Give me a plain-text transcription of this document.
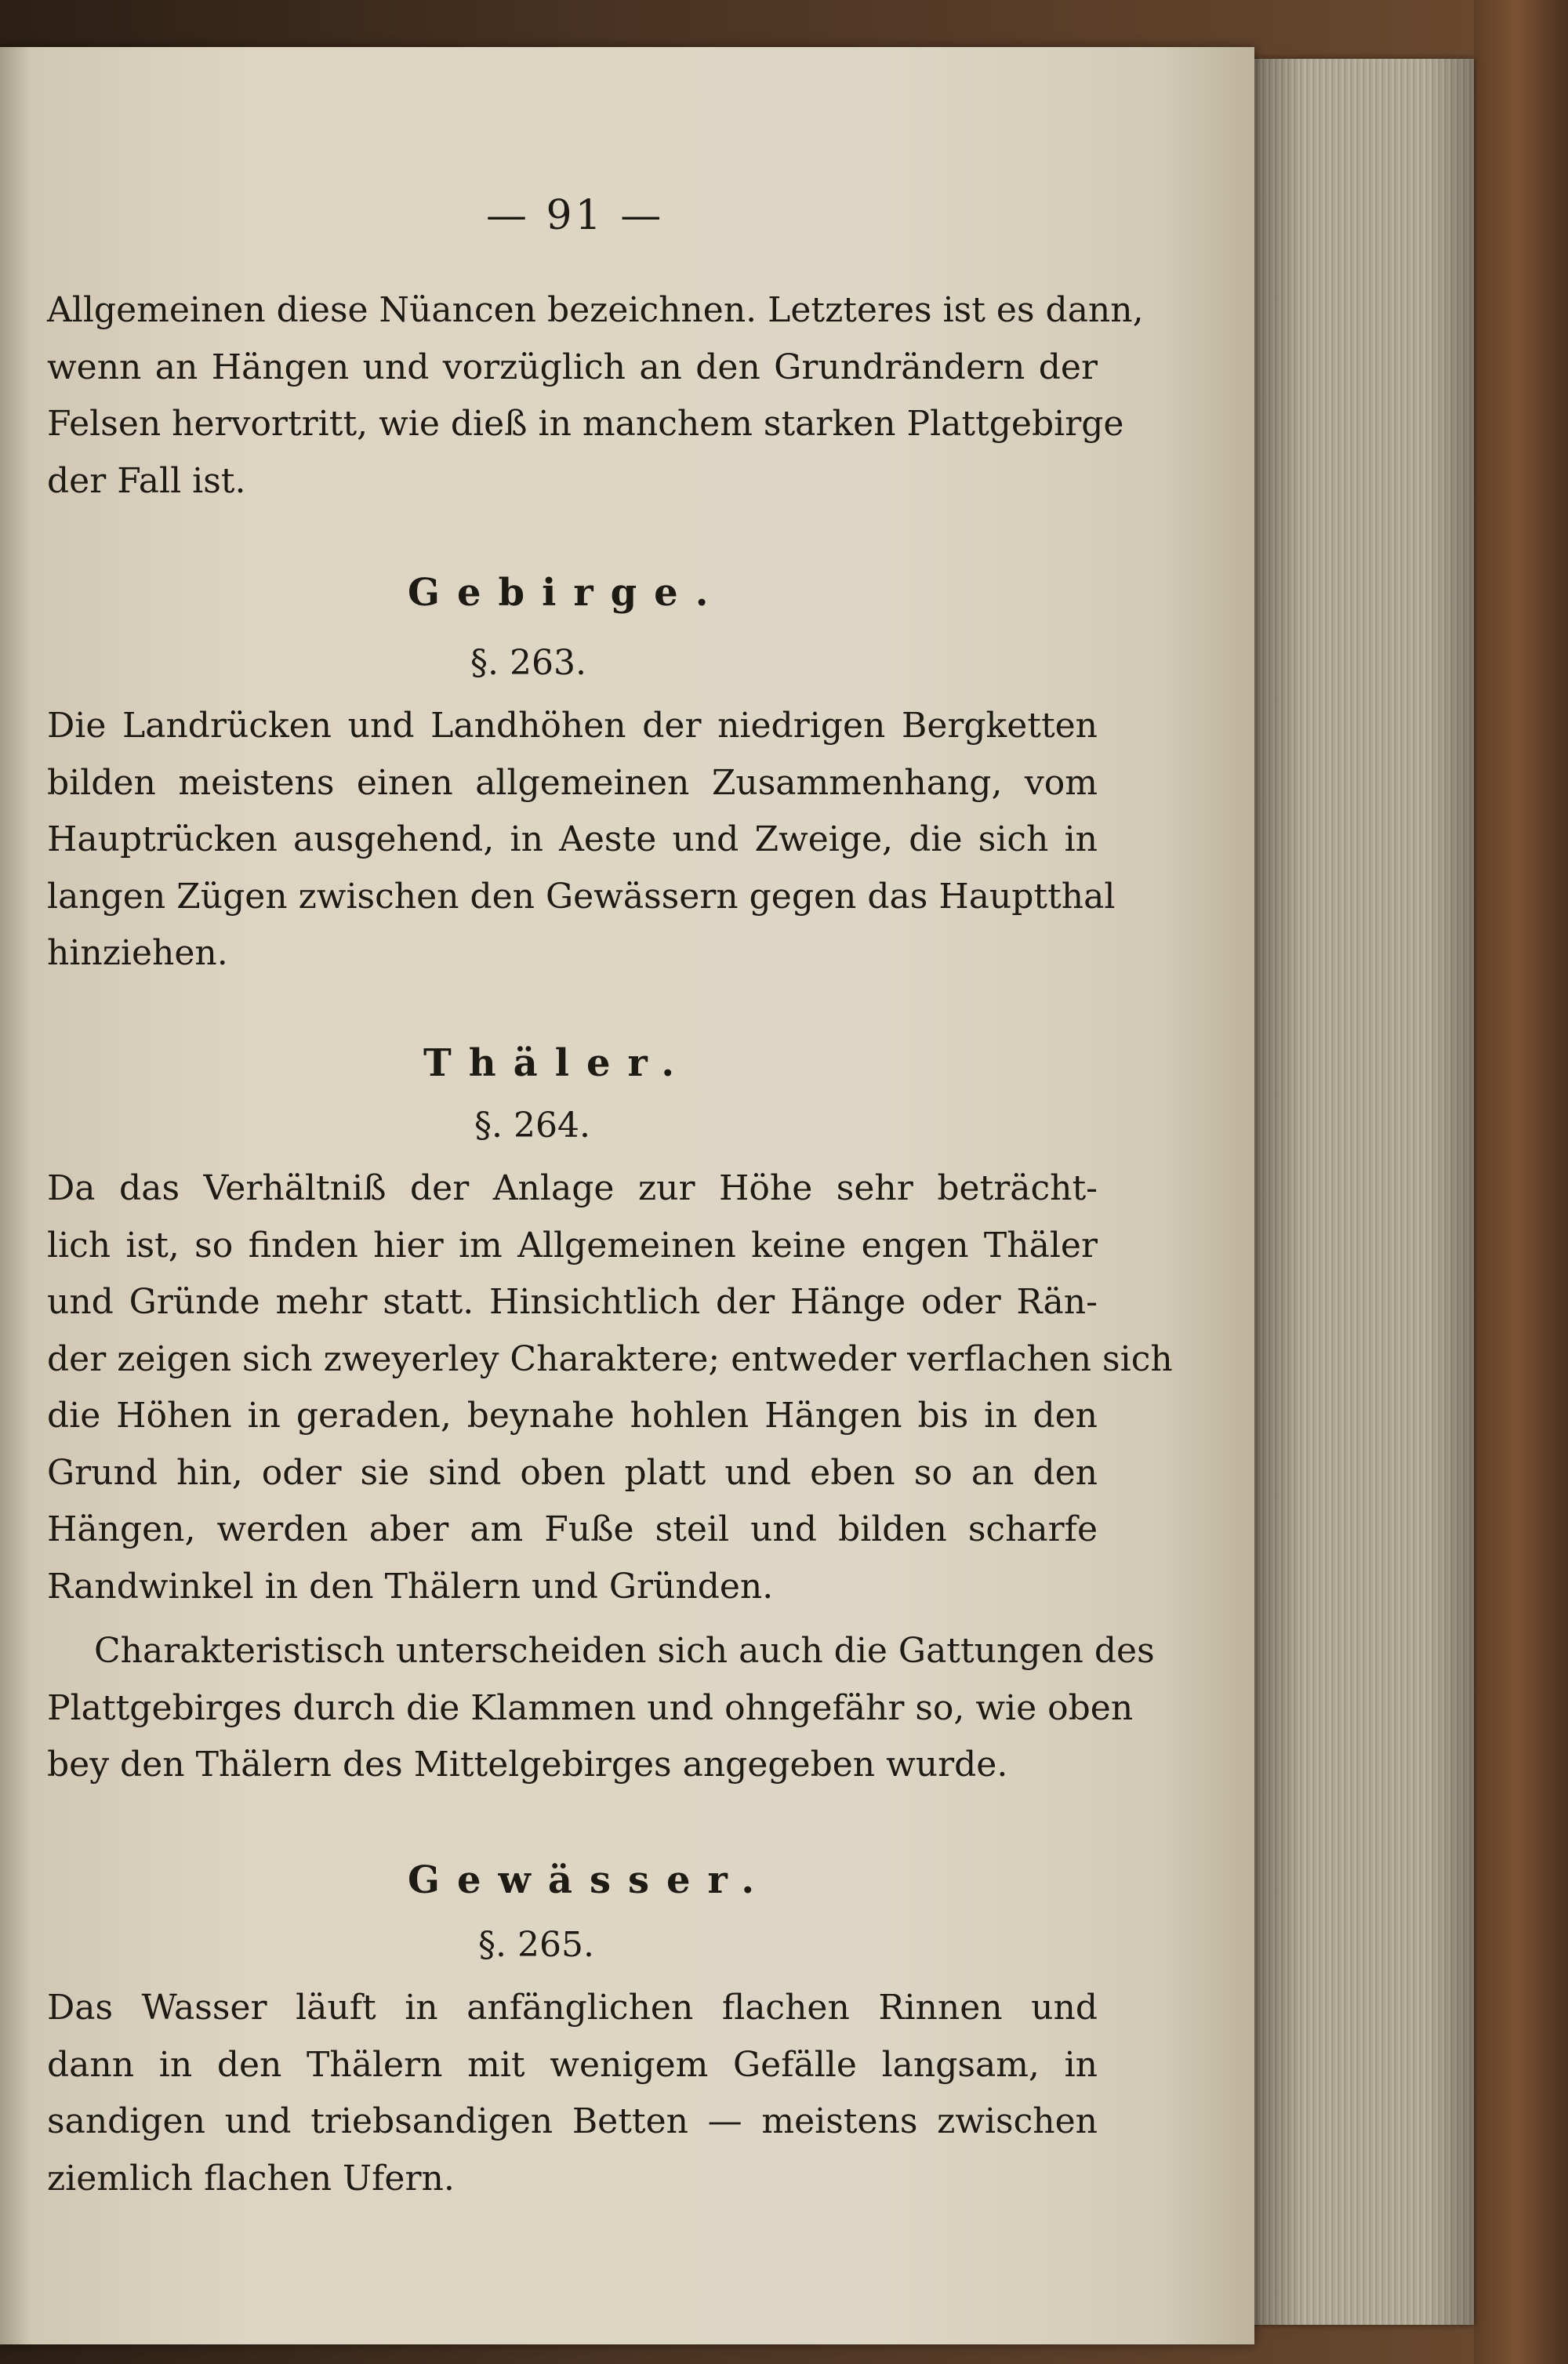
— 91 —
Allgemeinen diese Nüancen bezeichnen. Letzteres ist es dann,
wenn an Hängen und vorzüglich an den Grundrändern der
Felsen hervortritt, wie dieß in manchem starken Plattgebirge
der Fall ist.
Gebirge.
§. 263.
Die Landrücken und Landhöhen der niedrigen Bergketten
bilden meistens einen allgemeinen Zusammenhang, vom
Hauptrücken ausgehend, in Aeste und Zweige, die sich in
langen Zügen zwischen den Gewässern gegen das Hauptthal
hinziehen.
Thäler.
§. 264.
Da das Verhältniß der Anlage zur Höhe sehr beträcht-
lich ist, so finden hier im Allgemeinen keine engen Thäler
und Gründe mehr statt. Hinsichtlich der Hänge oder Rän-
der zeigen sich zweyerley Charaktere; entweder verflachen sich
die Höhen in geraden, beynahe hohlen Hängen bis in den
Grund hin, oder sie sind oben platt und eben so an den
Hängen, werden aber am Fuße steil und bilden scharfe
Randwinkel in den Thälern und Gründen.
Charakteristisch unterscheiden sich auch die Gattungen des
Plattgebirges durch die Klammen und ohngefähr so, wie oben
bey den Thälern des Mittelgebirges angegeben wurde.
Gewässer.
§. 265.
Das Wasser läuft in anfänglichen flachen Rinnen und
dann in den Thälern mit wenigem Gefälle langsam, in
sandigen und triebsandigen Betten — meistens zwischen
ziemlich flachen Ufern.
